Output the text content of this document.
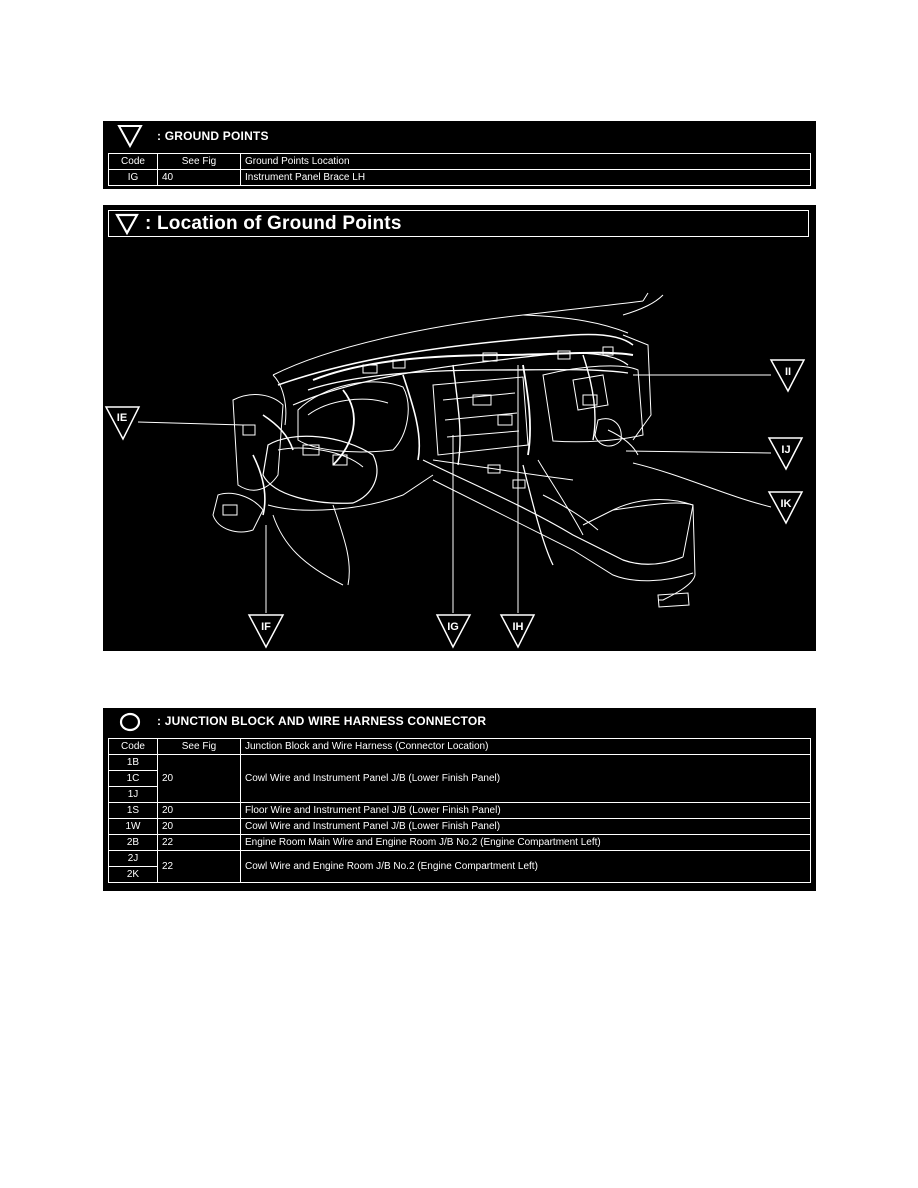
: GROUND POINTS
Code	See Fig	Ground Points Location
IG	40	Instrument Panel Brace LH
: Location of Ground Points
IE
II
IJ
IK
IF	IG	IH
: JUNCTION BLOCK AND WIRE HARNESS CONNECTOR
Code	See Fig	Junction Block and Wire Harness (Connector Location)
1B	20	Cowl Wire and Instrument Panel J/B (Lower Finish Panel)
1C		
1J		
1S	20	Floor Wire and Instrument Panel J/B (Lower Finish Panel)
1W	20	Cowl Wire and Instrument Panel J/B (Lower Finish Panel)
2B	22	Engine Room Main Wire and Engine Room J/B No.2 (Engine Compartment Left)
2J	22	Cowl Wire and Engine Room J/B No.2 (Engine Compartment Left)
2K		
